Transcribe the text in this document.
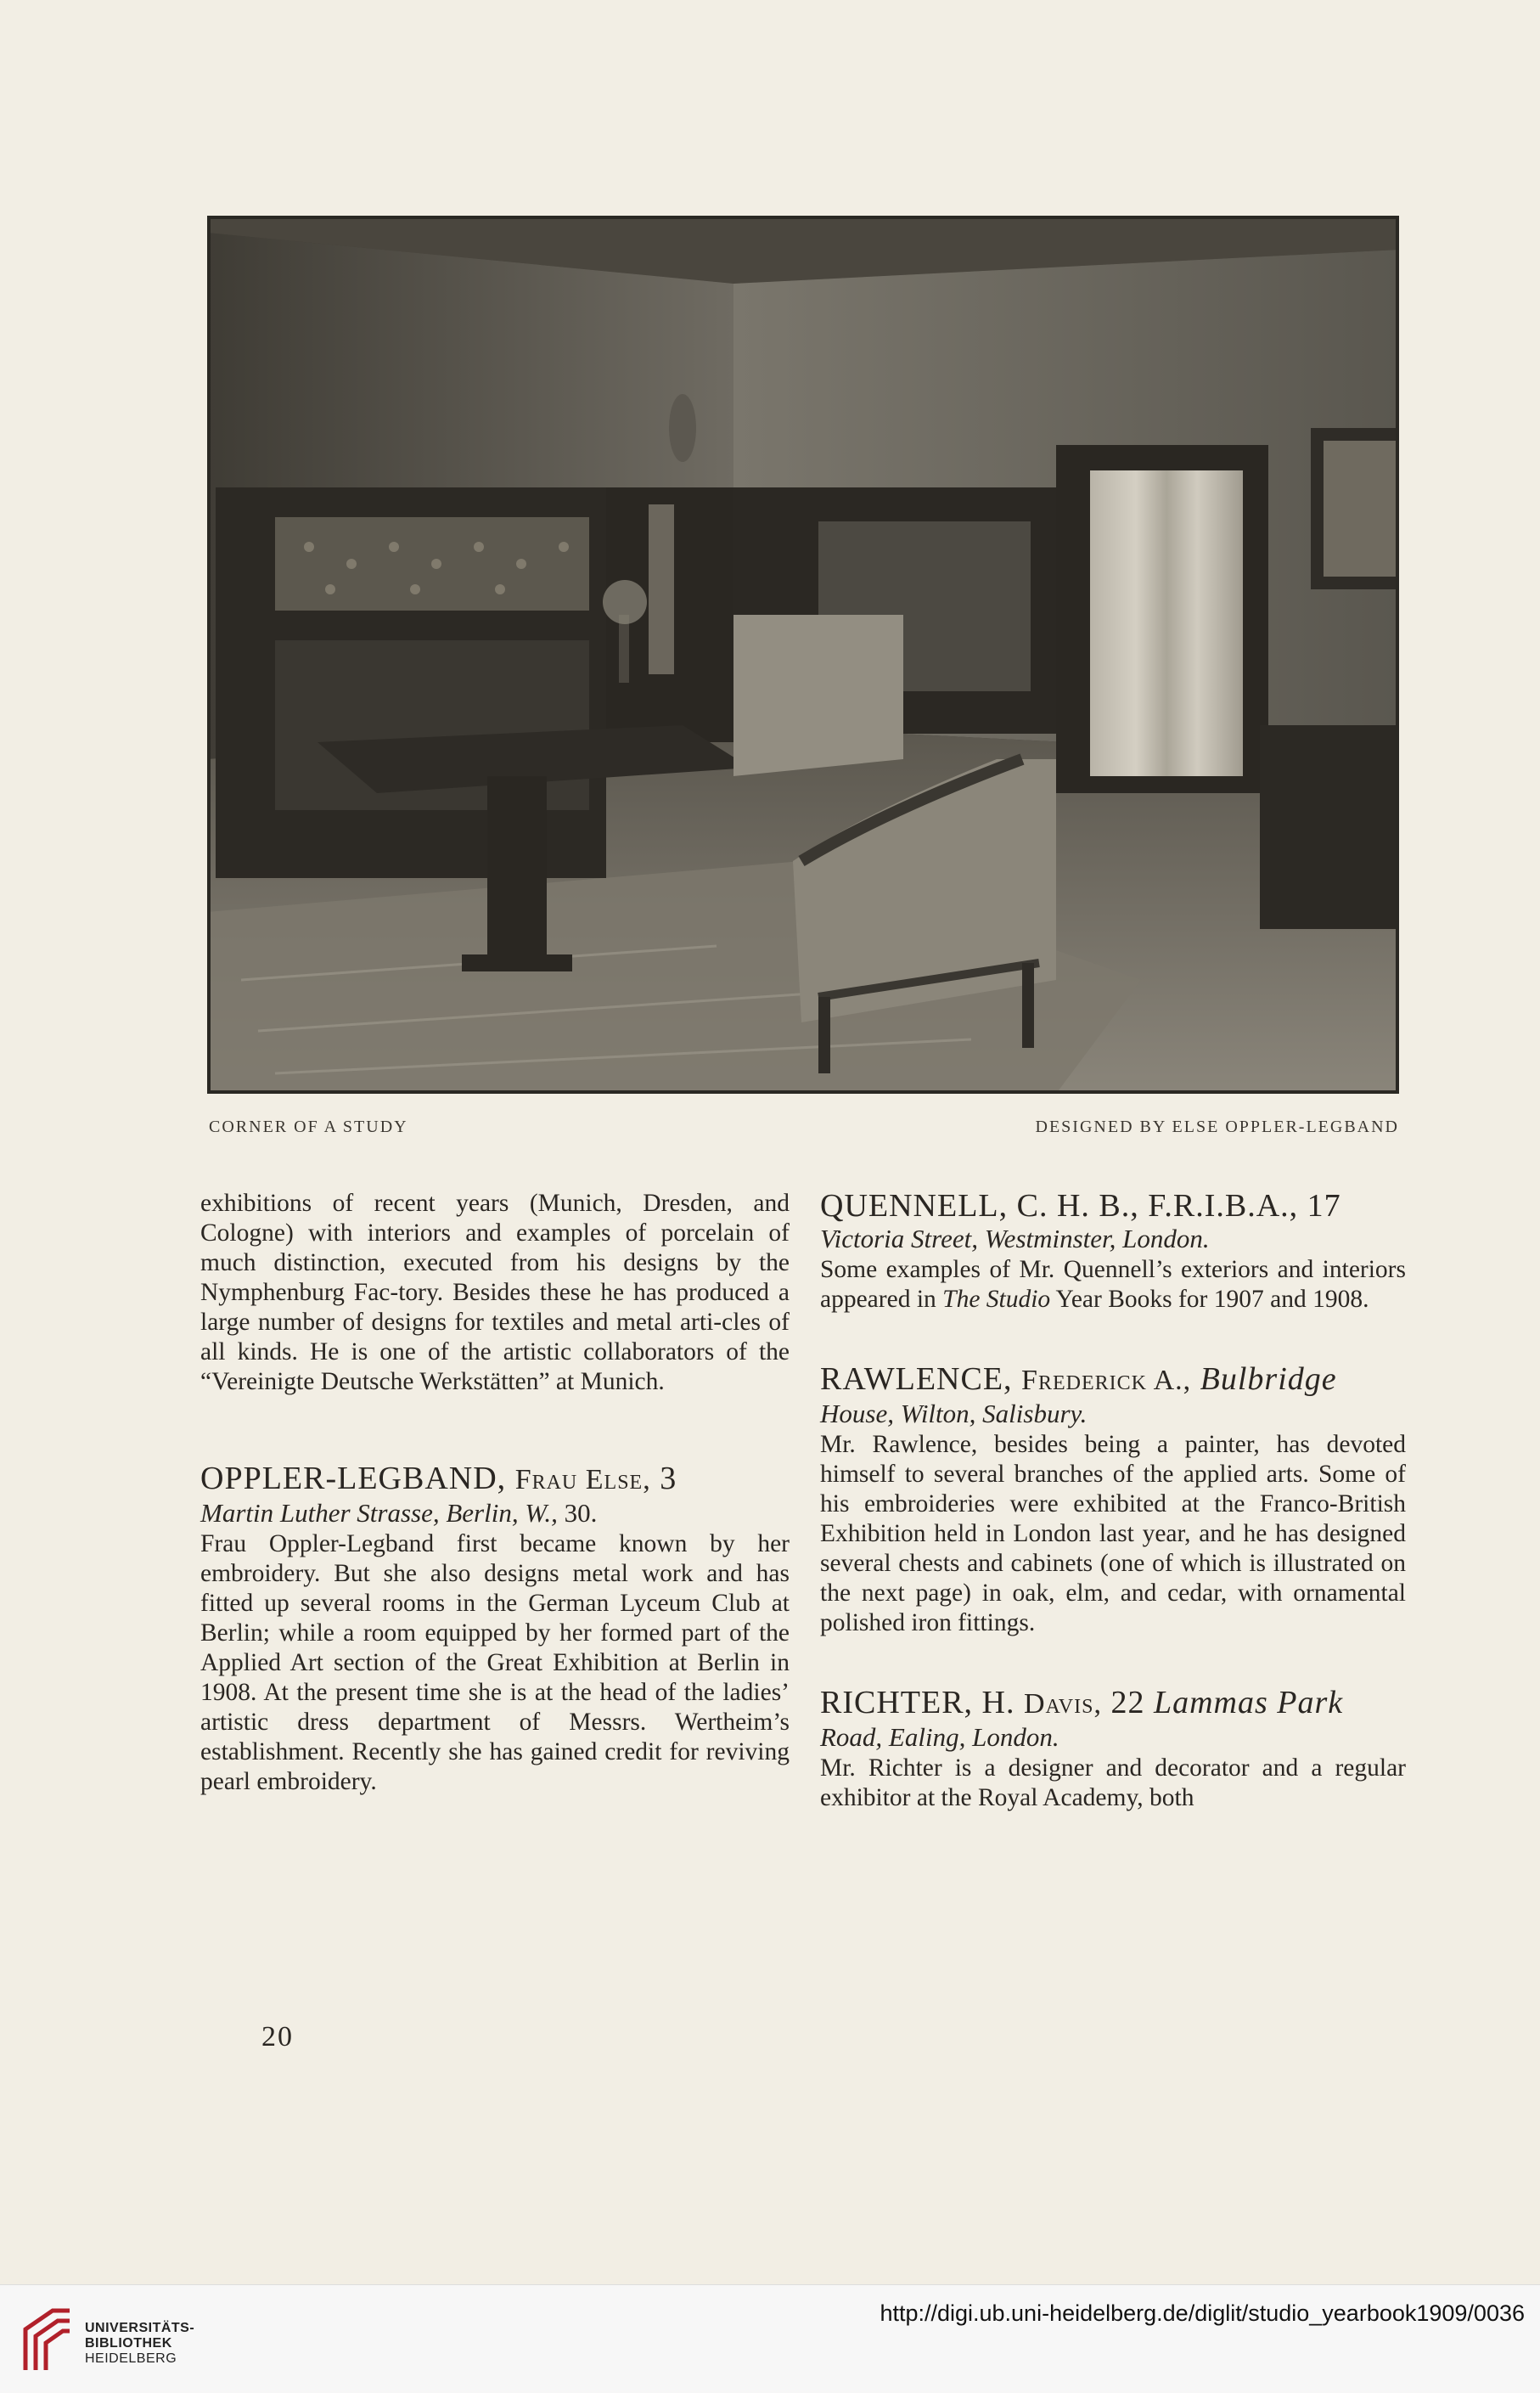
CORNER OF A STUDY	DESIGNED BY ELSE OPPLER-LEGBAND

exhibitions of recent years (Munich, Dresden, and Cologne) with interiors and examples of porcelain of much distinction, executed from his designs by the Nymphenburg Fac-tory. Besides these he has produced a large number of designs for textiles and metal arti-cles of all kinds. He is one of the artistic collaborators of the “Vereinigte Deutsche Werkstätten” at Munich.

OPPLER-LEGBAND, Frau Else, 3

Martin Luther Strasse, Berlin, W., 30.

Frau Oppler-Legband first became known by her embroidery. But she also designs metal work and has fitted up several rooms in the German Lyceum Club at Berlin; while a room equipped by her formed part of the Applied Art section of the Great Exhibition at Berlin in 1908. At the present time she is at the head of the ladies’ artistic dress department of Messrs. Wertheim’s establishment. Recently she has gained credit for reviving pearl embroidery.

QUENNELL, C. H. B., F.R.I.B.A., 17

Victoria Street, Westminster, London.

Some examples of Mr. Quennell’s exteriors and interiors appeared in The Studio Year Books for 1907 and 1908.

RAWLENCE, Frederick A., Bulbridge

House, Wilton, Salisbury.

Mr. Rawlence, besides being a painter, has devoted himself to several branches of the applied arts. Some of his embroideries were exhibited at the Franco-British Exhibition held in London last year, and he has designed several chests and cabinets (one of which is illustrated on the next page) in oak, elm, and cedar, with ornamental polished iron fittings.

RICHTER, H. Davis, 22 Lammas Park

Road, Ealing, London.

Mr. Richter is a designer and decorator and a regular exhibitor at the Royal Academy, both

20
UNIVERSITÄTS-
BIBLIOTHEK
HEIDELBERG
http://digi.ub.uni-heidelberg.de/diglit/studio_yearbook1909/0036
